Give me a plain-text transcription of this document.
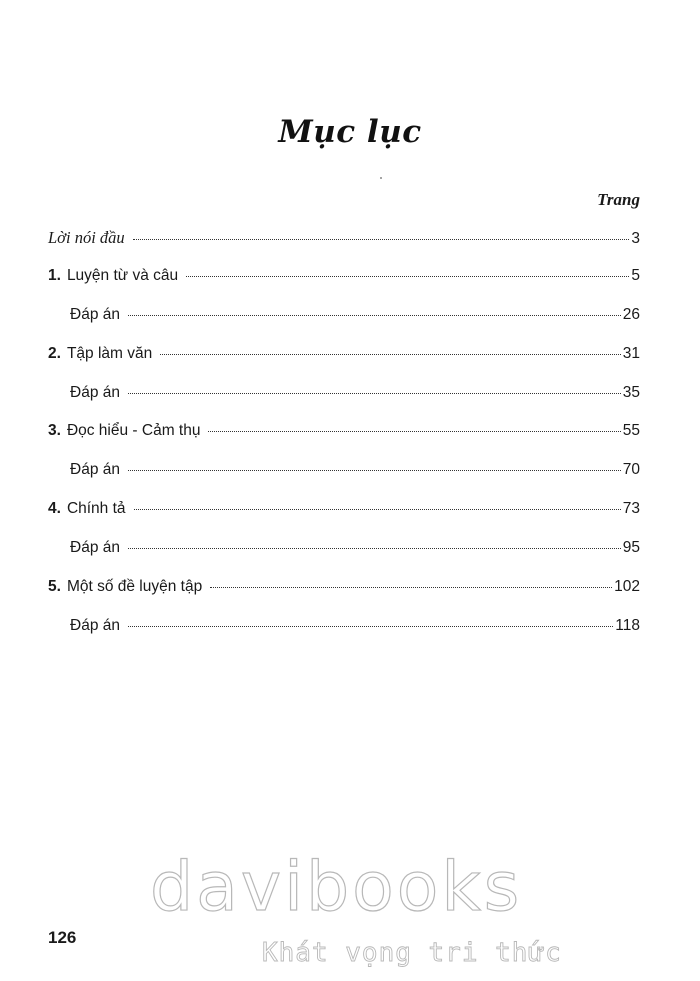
Mục lục
Trang
Lời nói đầu	3
1. Luyện từ và câu	5
Đáp án	26
2. Tập làm văn	31
Đáp án	35
3. Đọc hiểu - Cảm thụ	55
Đáp án	70
4. Chính tả	73
Đáp án	95
5. Một số đề luyện tập	102
Đáp án	118
126
davibooks
Khát vọng tri thức
